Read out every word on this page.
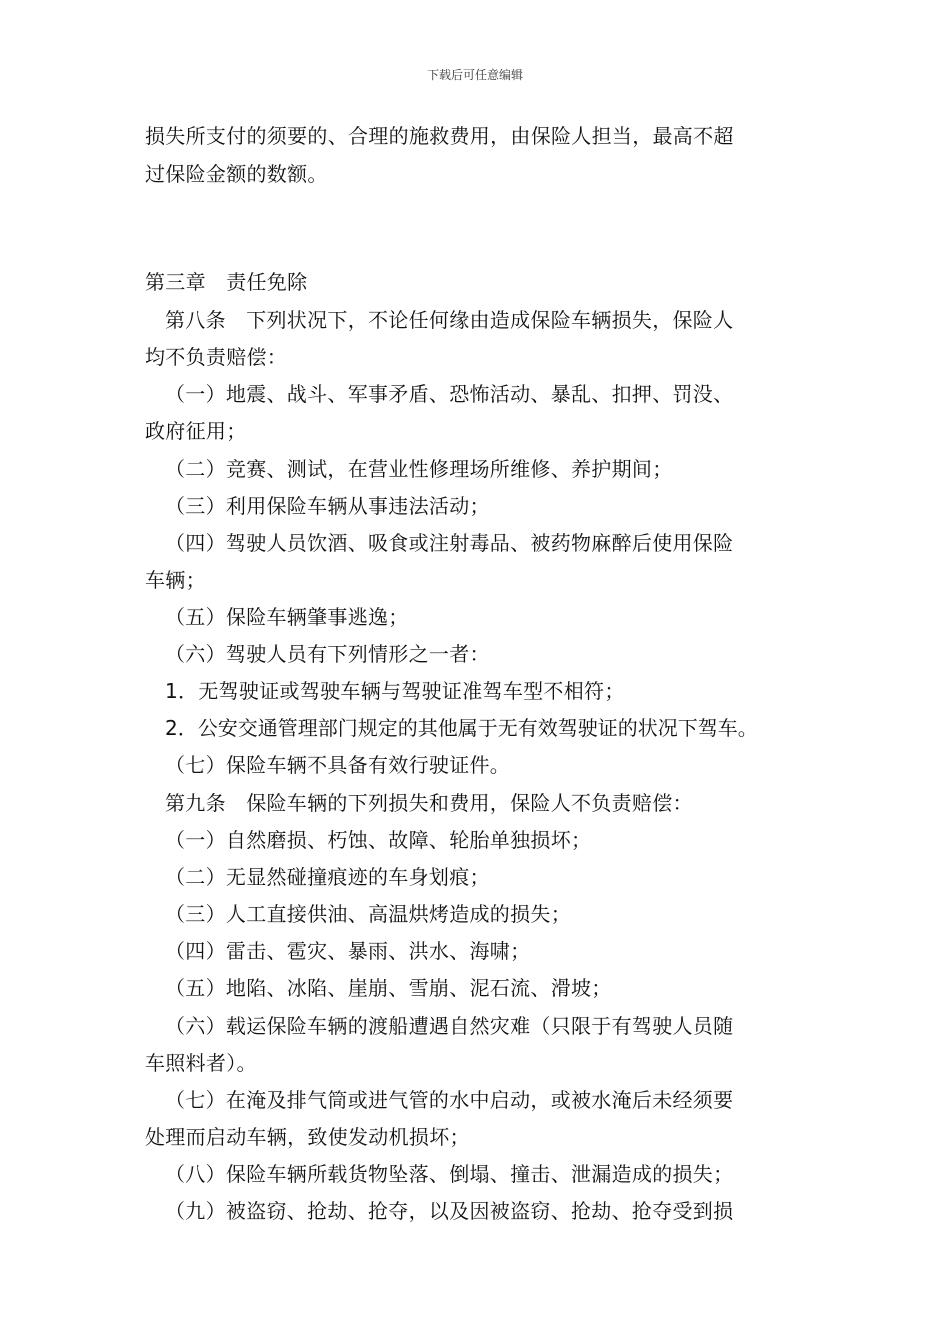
下载后可任意编辑
损失所支付的须要的、合理的施救费用，由保险人担当，最高不超
过保险金额的数额。
第三章　责任免除
第八条　下列状况下，不论任何缘由造成保险车辆损失，保险人
均不负责赔偿：
（一）地震、战斗、军事矛盾、恐怖活动、暴乱、扣押、罚没、
政府征用；
（二）竞赛、测试，在营业性修理场所维修、养护期间；
（三）利用保险车辆从事违法活动；
（四）驾驶人员饮酒、吸食或注射毒品、被药物麻醉后使用保险
车辆；
（五）保险车辆肇事逃逸；
（六）驾驶人员有下列情形之一者：
1．无驾驶证或驾驶车辆与驾驶证准驾车型不相符；
2．公安交通管理部门规定的其他属于无有效驾驶证的状况下驾车。
（七）保险车辆不具备有效行驶证件。
第九条　保险车辆的下列损失和费用，保险人不负责赔偿：
（一）自然磨损、朽蚀、故障、轮胎单独损坏；
（二）无显然碰撞痕迹的车身划痕；
（三）人工直接供油、高温烘烤造成的损失；
（四）雷击、雹灾、暴雨、洪水、海啸；
（五）地陷、冰陷、崖崩、雪崩、泥石流、滑坡；
（六）载运保险车辆的渡船遭遇自然灾难（只限于有驾驶人员随
车照料者）。
（七）在淹及排气筒或进气管的水中启动，或被水淹后未经须要
处理而启动车辆，致使发动机损坏；
（八）保险车辆所载货物坠落、倒塌、撞击、泄漏造成的损失；
（九）被盗窃、抢劫、抢夺，以及因被盗窃、抢劫、抢夺受到损
